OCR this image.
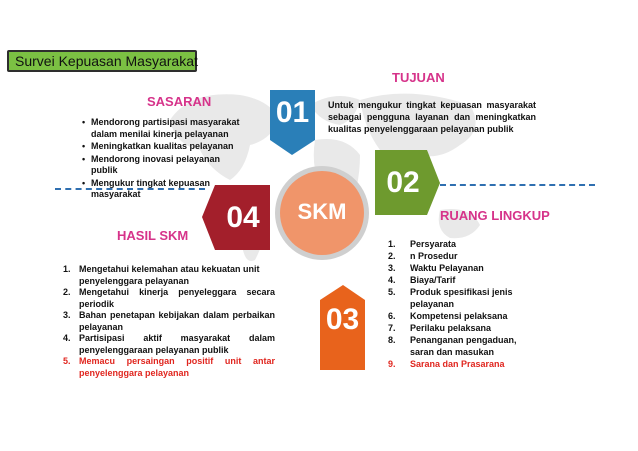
Survei Kepuasan Masyarakat
01
02
04
03
SKM
TUJUAN
Untuk mengukur tingkat kepuasan masyarakat sebagai pengguna layanan dan meningkatkan kualitas penyelenggaraan pelayanan publik
SASARAN
• Mendorong partisipasi masyarakat dalam menilai kinerja pelayanan
• Meningkatkan kualitas pelayanan
• Mendorong inovasi pelayanan publik
• Mengukur tingkat kepuasan masyarakat
RUANG LINGKUP
1.	Persyarata
2.	n Prosedur
3.	Waktu Pelayanan
4.	Biaya/Tarif
5.	Produk spesifikasi jenis pelayanan
6.	Kompetensi pelaksana
7.	Perilaku pelaksana
8.	Penanganan pengaduan, saran dan masukan
9.	Sarana dan Prasarana
HASIL SKM
1. Mengetahui kelemahan atau kekuatan unit penyelenggara pelayanan
2. Mengetahui kinerja penyeleggara secara periodik
3. Bahan penetapan kebijakan dalam perbaikan pelayanan
4. Partisipasi aktif masyarakat dalam penyelenggaraan pelayanan publik
5. Memacu persaingan positif unit antar penyelenggara pelayanan
